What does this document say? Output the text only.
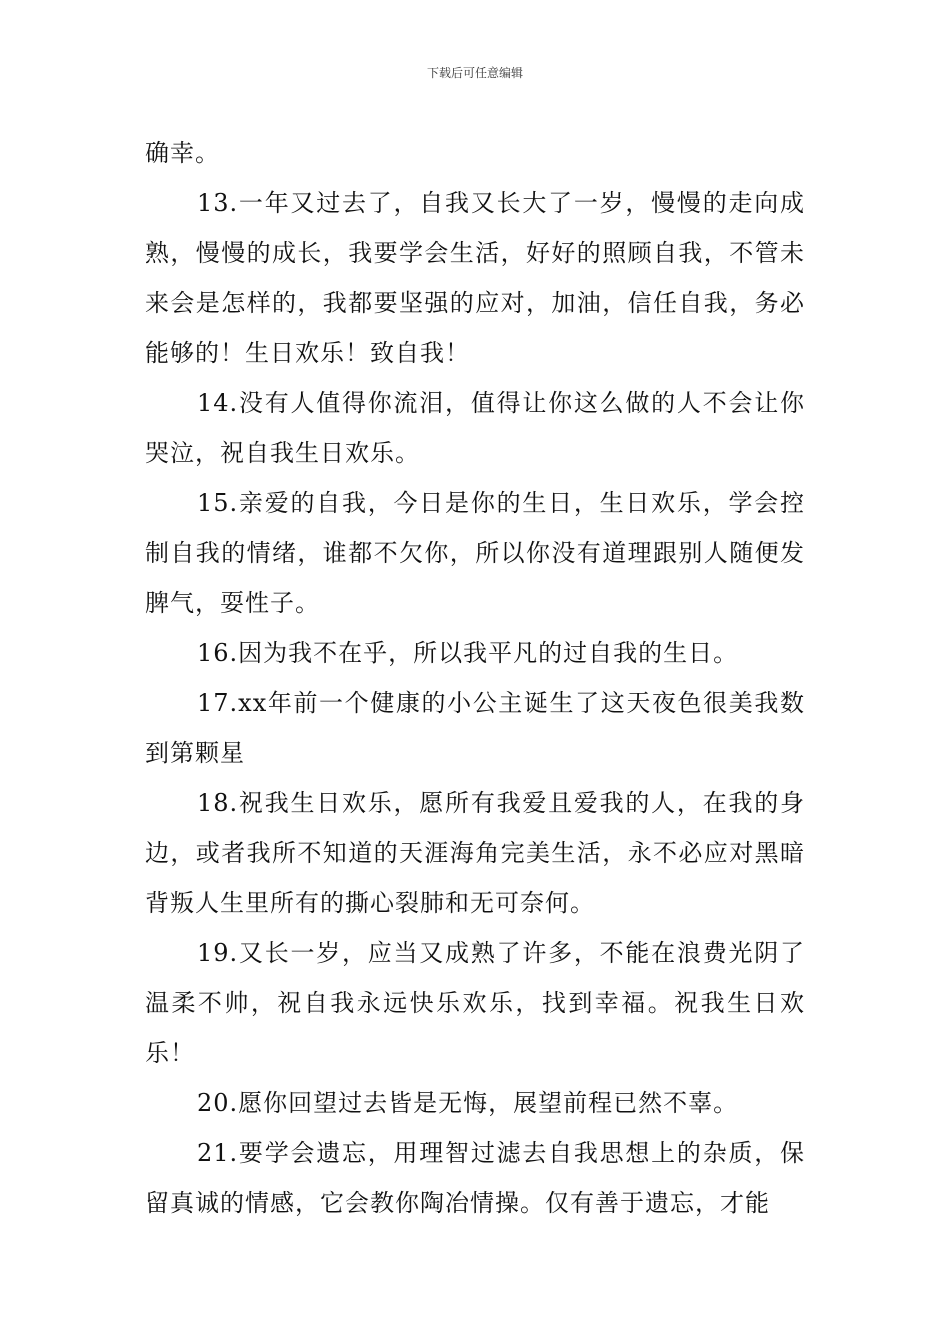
下载后可任意编辑

确幸。

13.一年又过去了，自我又长大了一岁，慢慢的走向成熟，慢慢的成长，我要学会生活，好好的照顾自我，不管未来会是怎样的，我都要坚强的应对，加油，信任自我，务必能够的！生日欢乐！致自我！

14.没有人值得你流泪，值得让你这么做的人不会让你哭泣，祝自我生日欢乐。

15.亲爱的自我，今日是你的生日，生日欢乐，学会控制自我的情绪，谁都不欠你，所以你没有道理跟别人随便发脾气，耍性子。

16.因为我不在乎，所以我平凡的过自我的生日。

17.xx年前一个健康的小公主诞生了这天夜色很美我数到第颗星

18.祝我生日欢乐，愿所有我爱且爱我的人，在我的身边，或者我所不知道的天涯海角完美生活，永不必应对黑暗背叛人生里所有的撕心裂肺和无可奈何。

19.又长一岁，应当又成熟了许多，不能在浪费光阴了温柔不帅，祝自我永远快乐欢乐，找到幸福。祝我生日欢乐！

20.愿你回望过去皆是无悔，展望前程已然不辜。

21.要学会遗忘，用理智过滤去自我思想上的杂质，保留真诚的情感，它会教你陶冶情操。仅有善于遗忘，才能
